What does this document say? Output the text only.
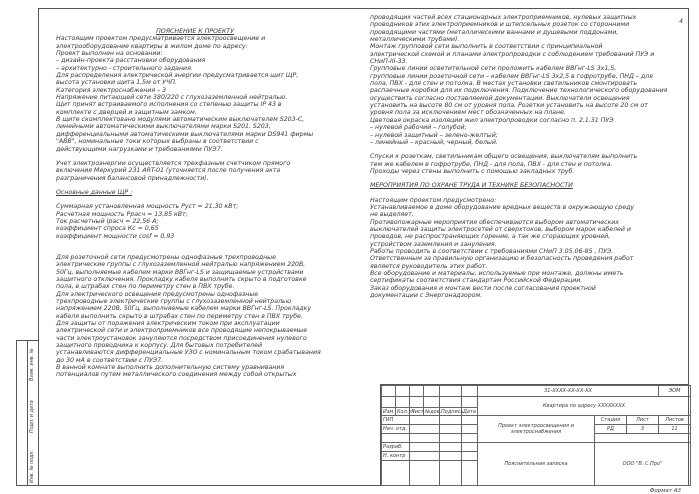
4

ПОЯСНЕНИЕ К ПРОЕКТУ

Настоящим проектом предусматривается электроосвещение и

электрооборудование квартиры в жилом доме по адресу:

Проект выполнен на основании:

– дизайн-проекта расстановки оборудования

– архитектурно - строительного задания.

Для распределения электрической энергии предусматривается щит ЩР,

высота установки щита 1,5м от УЧП.

Категория электроснабжения – 3

Напряжение питающей сети 380/220 с глухозаземленной нейтралью.

Щит принят встраиваемого исполнения со степенью защиты IP 43 в

комплекте с дверцей и защитным замком.

В щите скомплектовано модулями автоматическим выключателем S203-C,

линейными автоматическими выключателями марки S201, S203,

дифференциальными автоматическими выключателями марки DS941 фирмы

"ABB", номинальные токи которых выбраны в соответствии с

действующими нагрузками и требованиями ПУЭ7.

Учет электроэнергии осуществляется трехфазным счетчиком прямого

включения Меркурий 231 ART-01 (уточняется после получения акта

разграничения балансовой принадлежности).

Основные данные ЩР :

Суммарная установленная мощность Руст = 21,30 кВт;

Расчетная мощность Ррасч = 13,85 кВт;

Ток расчетный Iрасч = 22,56 А;

коэффициент спроса Кс = 0,65

коэффициент мощности cosf = 0,93

Для розеточной сети предусмотрены однофазные трехпроводные

электрические группы с глухозаземленной нейтралью напряжением 220В,

50Гц, выполняемые кабелем марки ВВГнг-LS и защищаемые устройствами

защитного отключения. Прокладку кабеля выполнить скрыто в подготовке

пола, в штрабах стен по периметру стен в ПВХ трубе.

Для электрического освещения предусмотрены однофазные

трехпроводные электрические группы с глухозаземленной нейтралью

напряжением 220В, 50Гц, выполняемые кабелем марки ВВГнг-LS. Прокладку

кабеля выполнить скрыто в штрабах стен по периметру стен в ПВХ трубе.

Для защиты от поражения электрическим током при эксплуатации

электрической сети и электроприемников все проводящие непокрываемые

части электроустановок зануляются посредством присоединения нулевого

защитного проводника к корпусу. Для бытовых потребителей

устанавливаются дифференциальные УЗО с номинальным током срабатывания

до 30 мА в соответствии с ПУЭ7.

В ванной комнате выполнить дополнительную систему уравнивания

потенциалов путем металлического соединения между собой открытых

проводящих частей всех стационарных электроприемников, нулевых защитных

проводников этих электроприемников и штепсельных розеток со сторонними

проводящими частями (металлическими ваннами и душевыми поддонами,

металлическими трубами).

Монтаж групповой сети выполнить в соответствии с принципиальной

электрической схемой и планами электропроводки с соблюдением требований ПУЭ и

СНиП-III-33.

Групповые линии осветительной сети проложить кабелем ВВГнг-LS 3х1,5,

групповые линии розеточной сети – кабелем ВВГнг-LS 3х2,5 в гофротрубе, ПНД – для

пола, ПВХ - для стен и потолка. В местах установки светильников смонтировать

распаечные коробки для их подключения. Подключение технологического оборудования

осуществить согласно поставляемой документации. Выключатели освещения

установить на высоте 80 см от уровня пола. Розетки установить на высоте 20 см от

уровня пола за исключением мест обозначенных на плане.

Цветовая окраска изоляции жил электропроводки согласно п. 2.1.31 ПУЭ

– нулевой рабочий – голубой;

– нулевой защитный – зелено-желтый;

– линейный – красный, черный, белый.

Спуски к розеткам, светильникам общего освещения, выключателям выполнить

тем же кабелем в гофротрубе, ПНД - для пола, ПВХ - для стен и потолка.

Проходы через стены выполнить с помощью закладных труб.

МЕРОПРИЯТИЯ ПО ОХРАНЕ ТРУДА И ТЕХНИКЕ БЕЗОПАСНОСТИ

Настоящим проектом предусмотрено:

Устанавливаемое в доме оборудование вредных веществ в окружающую среду

не выделяет.

Противопожарные мероприятия обеспечиваются выбором автоматических

выключателей защиты электросетей от сверхтоков, выбором марок кабелей и

проводов, не распространяющих горение, а так же сгорающих уровней,

устройством заземления и зануления.

Работы проводить в соответствии с требованиями СНиП 3.05.06-85 , ПУЭ.

Ответственным за правильную организацию и безопасность проведения работ

является руководитель этих работ.

Все оборудование и материалы, используемые при монтаже, должны иметь

сертификаты соответствия стандартам Российской Федерации.

Заказ оборудования и монтаж вести после согласования проектной

документации с Энергонадзором.

Взам. инв. №
Подп. и дата
Инв. № подл.
						31-ХХХХ-ХХ-ХХ-ХХ			ЭОМ
						Квартира по адресу ХХХХХХХХ			
Изм.	Кол.уч	Лист	№док.	Подпись	Дата				
ГИП						Проект электроосвещения и электроснабжения	Стадия	Лист	Листов
Нач. отд.							РД	3	11

Разраб.						Пояснительная записка	ООО "В. С.Про"		
Н. контр									

Формат А3
